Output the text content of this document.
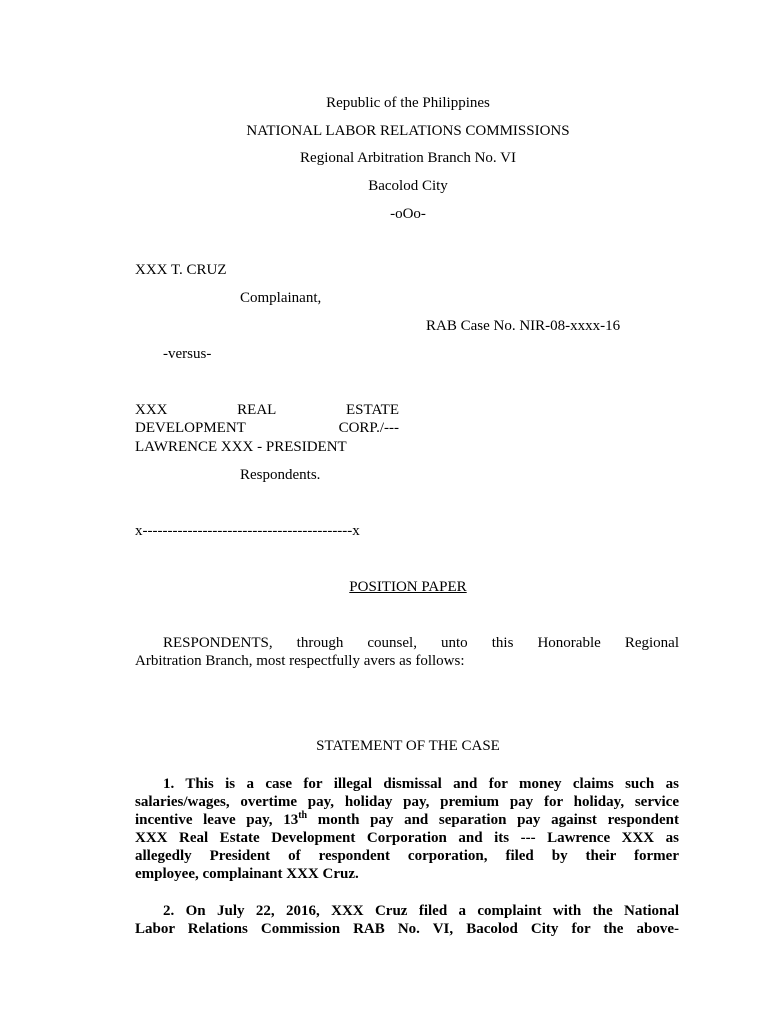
Republic of the Philippines
NATIONAL LABOR RELATIONS COMMISSIONS
Regional Arbitration Branch No. VI
Bacolod City
-oOo-
XXX T. CRUZ
Complainant,
RAB Case No. NIR-08-xxxx-16
-versus-
XXX	REAL	ESTATE
DEVELOPMENT	CORP./---
LAWRENCE XXX - PRESIDENT
Respondents.
x------------------------------------------x
POSITION PAPER
RESPONDENTS, through counsel, unto this Honorable Regional
Arbitration Branch, most respectfully avers as follows:
STATEMENT OF THE CASE
1. This is a case for illegal dismissal and for money claims such as
salaries/wages, overtime pay, holiday pay, premium pay for holiday, service
incentive leave pay, 13th month pay and separation pay against respondent
XXX Real Estate Development Corporation and its --- Lawrence XXX as
allegedly President of respondent corporation, filed by their former
employee, complainant XXX Cruz.
2. On July 22, 2016, XXX Cruz filed a complaint with the National
Labor Relations Commission RAB No. VI, Bacolod City for the above-
